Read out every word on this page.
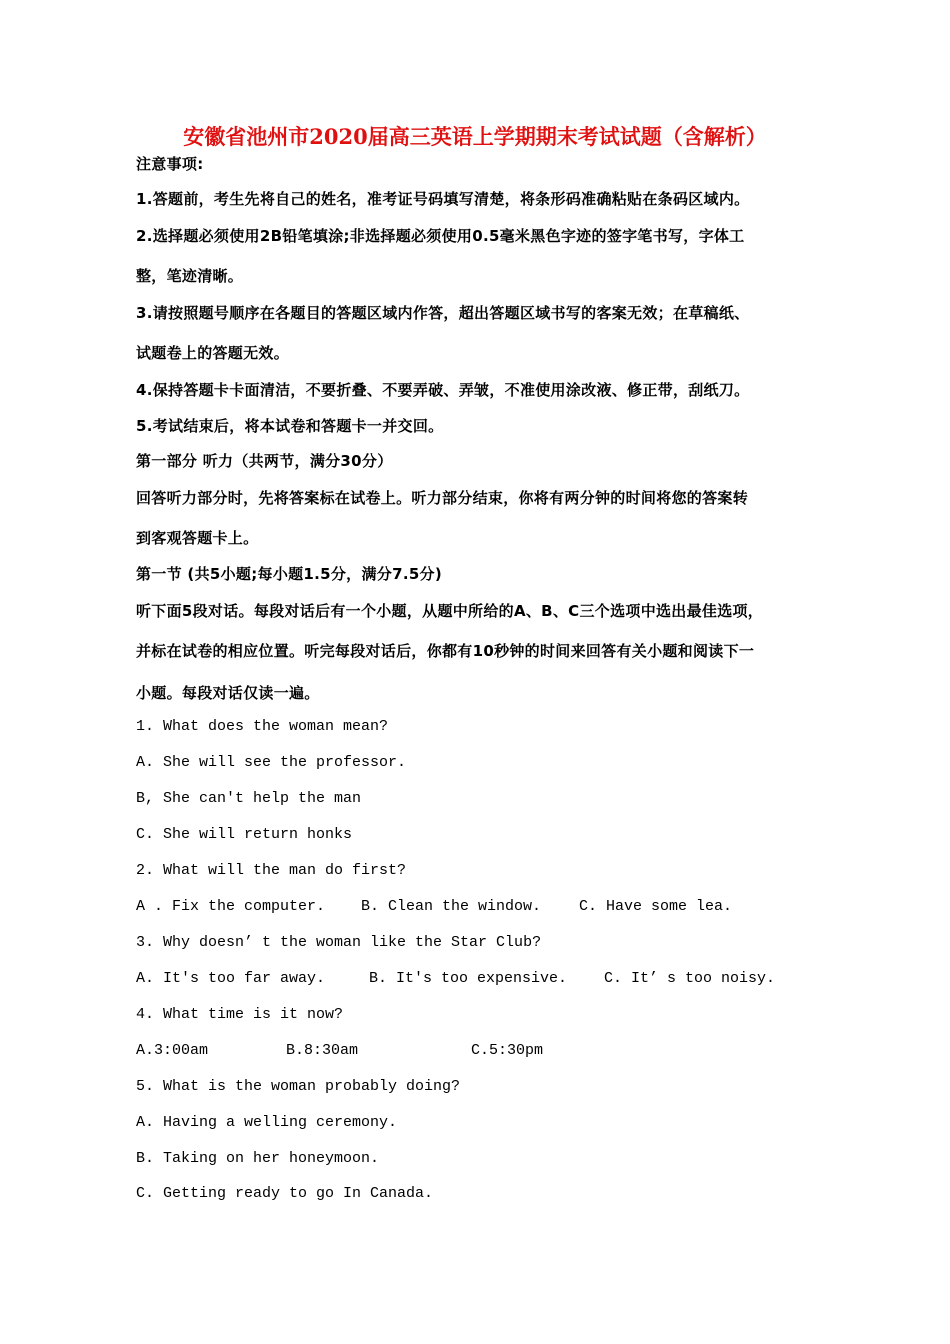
安徽省池州市2020届高三英语上学期期末考试试题（含解析）
注意事项:
1.答题前，考生先将自己的姓名，准考证号码填写清楚，将条形码准确粘贴在条码区域内。
2.选择题必须使用2B铅笔填涂;非选择题必须使用0.5毫米黑色字迹的签字笔书写，字体工
整，笔迹清晰。
3.请按照题号顺序在各题目的答题区域内作答，超出答题区域书写的客案无效；在草稿纸、
试题卷上的答题无效。
4.保持答题卡卡面清洁，不要折叠、不要弄破、弄皱，不准使用涂改液、修正带，刮纸刀。
5.考试结束后，将本试卷和答题卡一并交回。
第一部分 听力（共两节，满分30分）
回答听力部分时，先将答案标在试卷上。听力部分结束，你将有两分钟的时间将您的答案转
到客观答题卡上。
第一节 (共5小题;每小题1.5分，满分7.5分)
听下面5段对话。每段对话后有一个小题，从题中所给的A、B、C三个选项中选出最佳选项，
并标在试卷的相应位置。听完每段对话后，你都有10秒钟的时间来回答有关小题和阅读下一
小题。每段对话仅读一遍。
1. What does the woman mean?
A. She will see the professor.
B, She can't help the man
C. She will return honks
2. What will the man do first?
A . Fix the computer. B. Clean the window.	C. Have some lea.
3. Why doesn’ t the woman like the Star Club?
A. It's too far away.	B. It's too expensive. C. It’ s too noisy.
4. What time is it now?
A.3:00am	B.8:30am	C.5:30pm
5. What is the woman probably doing?
A. Having a welling ceremony.
B. Taking on her honeymoon.
C. Getting ready to go In Canada.
